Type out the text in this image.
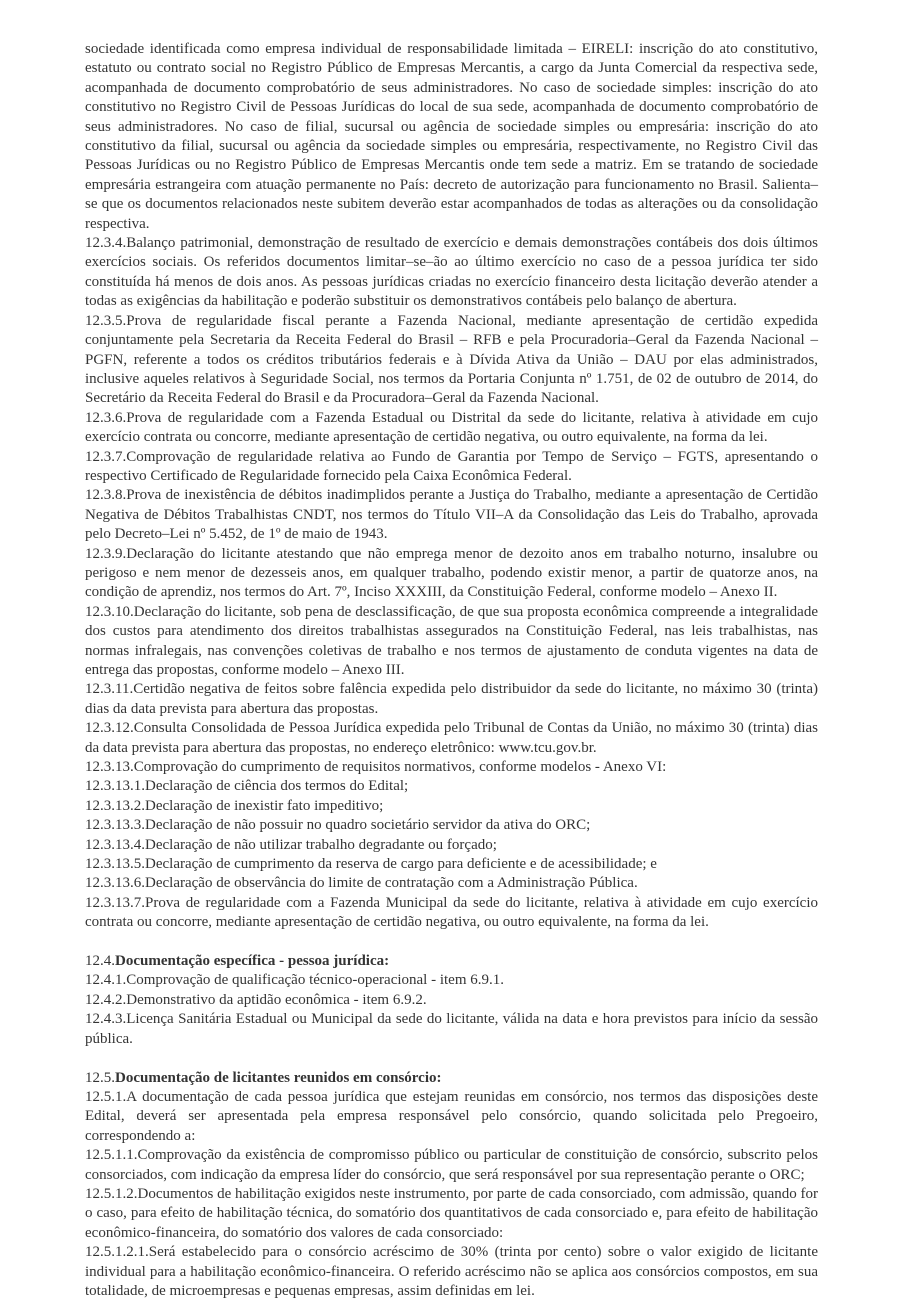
sociedade identificada como empresa individual de responsabilidade limitada – EIRELI: inscrição do ato constitutivo, estatuto ou contrato social no Registro Público de Empresas Mercantis, a cargo da Junta Comercial da respectiva sede, acompanhada de documento comprobatório de seus administradores. No caso de sociedade simples: inscrição do ato constitutivo no Registro Civil de Pessoas Jurídicas do local de sua sede, acompanhada de documento comprobatório de seus administradores. No caso de filial, sucursal ou agência de sociedade simples ou empresária: inscrição do ato constitutivo da filial, sucursal ou agência da sociedade simples ou empresária, respectivamente, no Registro Civil das Pessoas Jurídicas ou no Registro Público de Empresas Mercantis onde tem sede a matriz. Em se tratando de sociedade empresária estrangeira com atuação permanente no País: decreto de autorização para funcionamento no Brasil. Salienta–se que os documentos relacionados neste subitem deverão estar acompanhados de todas as alterações ou da consolidação respectiva.

12.3.4.Balanço patrimonial, demonstração de resultado de exercício e demais demonstrações contábeis dos dois últimos exercícios sociais. Os referidos documentos limitar–se–ão ao último exercício no caso de a pessoa jurídica ter sido constituída há menos de dois anos. As pessoas jurídicas criadas no exercício financeiro desta licitação deverão atender a todas as exigências da habilitação e poderão substituir os demonstrativos contábeis pelo balanço de abertura.

12.3.5.Prova de regularidade fiscal perante a Fazenda Nacional, mediante apresentação de certidão expedida conjuntamente pela Secretaria da Receita Federal do Brasil – RFB e pela Procuradoria–Geral da Fazenda Nacional – PGFN, referente a todos os créditos tributários federais e à Dívida Ativa da União – DAU por elas administrados, inclusive aqueles relativos à Seguridade Social, nos termos da Portaria Conjunta nº 1.751, de 02 de outubro de 2014, do Secretário da Receita Federal do Brasil e da Procuradora–Geral da Fazenda Nacional.

12.3.6.Prova de regularidade com a Fazenda Estadual ou Distrital da sede do licitante, relativa à atividade em cujo exercício contrata ou concorre, mediante apresentação de certidão negativa, ou outro equivalente, na forma da lei.

12.3.7.Comprovação de regularidade relativa ao Fundo de Garantia por Tempo de Serviço – FGTS, apresentando o respectivo Certificado de Regularidade fornecido pela Caixa Econômica Federal.

12.3.8.Prova de inexistência de débitos inadimplidos perante a Justiça do Trabalho, mediante a apresentação de Certidão Negativa de Débitos Trabalhistas CNDT, nos termos do Título VII–A da Consolidação das Leis do Trabalho, aprovada pelo Decreto–Lei nº 5.452, de 1º de maio de 1943.

12.3.9.Declaração do licitante atestando que não emprega menor de dezoito anos em trabalho noturno, insalubre ou perigoso e nem menor de dezesseis anos, em qualquer trabalho, podendo existir menor, a partir de quatorze anos, na condição de aprendiz, nos termos do Art. 7º, Inciso XXXIII, da Constituição Federal, conforme modelo – Anexo II.

12.3.10.Declaração do licitante, sob pena de desclassificação, de que sua proposta econômica compreende a integralidade dos custos para atendimento dos direitos trabalhistas assegurados na Constituição Federal, nas leis trabalhistas, nas normas infralegais, nas convenções coletivas de trabalho e nos termos de ajustamento de conduta vigentes na data de entrega das propostas, conforme modelo – Anexo III.

12.3.11.Certidão negativa de feitos sobre falência expedida pelo distribuidor da sede do licitante, no máximo 30 (trinta) dias da data prevista para abertura das propostas.

12.3.12.Consulta Consolidada de Pessoa Jurídica expedida pelo Tribunal de Contas da União, no máximo 30 (trinta) dias da data prevista para abertura das propostas, no endereço eletrônico: www.tcu.gov.br.

12.3.13.Comprovação do cumprimento de requisitos normativos, conforme modelos - Anexo VI:

12.3.13.1.Declaração de ciência dos termos do Edital;

12.3.13.2.Declaração de inexistir fato impeditivo;

12.3.13.3.Declaração de não possuir no quadro societário servidor da ativa do ORC;

12.3.13.4.Declaração de não utilizar trabalho degradante ou forçado;

12.3.13.5.Declaração de cumprimento da reserva de cargo para deficiente e de acessibilidade; e

12.3.13.6.Declaração de observância do limite de contratação com a Administração Pública.

12.3.13.7.Prova de regularidade com a Fazenda Municipal da sede do licitante, relativa à atividade em cujo exercício contrata ou concorre, mediante apresentação de certidão negativa, ou outro equivalente, na forma da lei.

12.4.Documentação específica - pessoa jurídica:

12.4.1.Comprovação de qualificação técnico-operacional - item 6.9.1.

12.4.2.Demonstrativo da aptidão econômica - item 6.9.2.

12.4.3.Licença Sanitária Estadual ou Municipal da sede do licitante, válida na data e hora previstos para início da sessão pública.

12.5.Documentação de licitantes reunidos em consórcio:

12.5.1.A documentação de cada pessoa jurídica que estejam reunidas em consórcio, nos termos das disposições deste Edital, deverá ser apresentada pela empresa responsável pelo consórcio, quando solicitada pelo Pregoeiro, correspondendo a:

12.5.1.1.Comprovação da existência de compromisso público ou particular de constituição de consórcio, subscrito pelos consorciados, com indicação da empresa líder do consórcio, que será responsável por sua representação perante o ORC;

12.5.1.2.Documentos de habilitação exigidos neste instrumento, por parte de cada consorciado, com admissão, quando for o caso, para efeito de habilitação técnica, do somatório dos quantitativos de cada consorciado e, para efeito de habilitação econômico-financeira, do somatório dos valores de cada consorciado:

12.5.1.2.1.Será estabelecido para o consórcio acréscimo de 30% (trinta por cento) sobre o valor exigido de licitante individual para a habilitação econômico-financeira. O referido acréscimo não se aplica aos consórcios compostos, em sua totalidade, de microempresas e pequenas empresas, assim definidas em lei.
